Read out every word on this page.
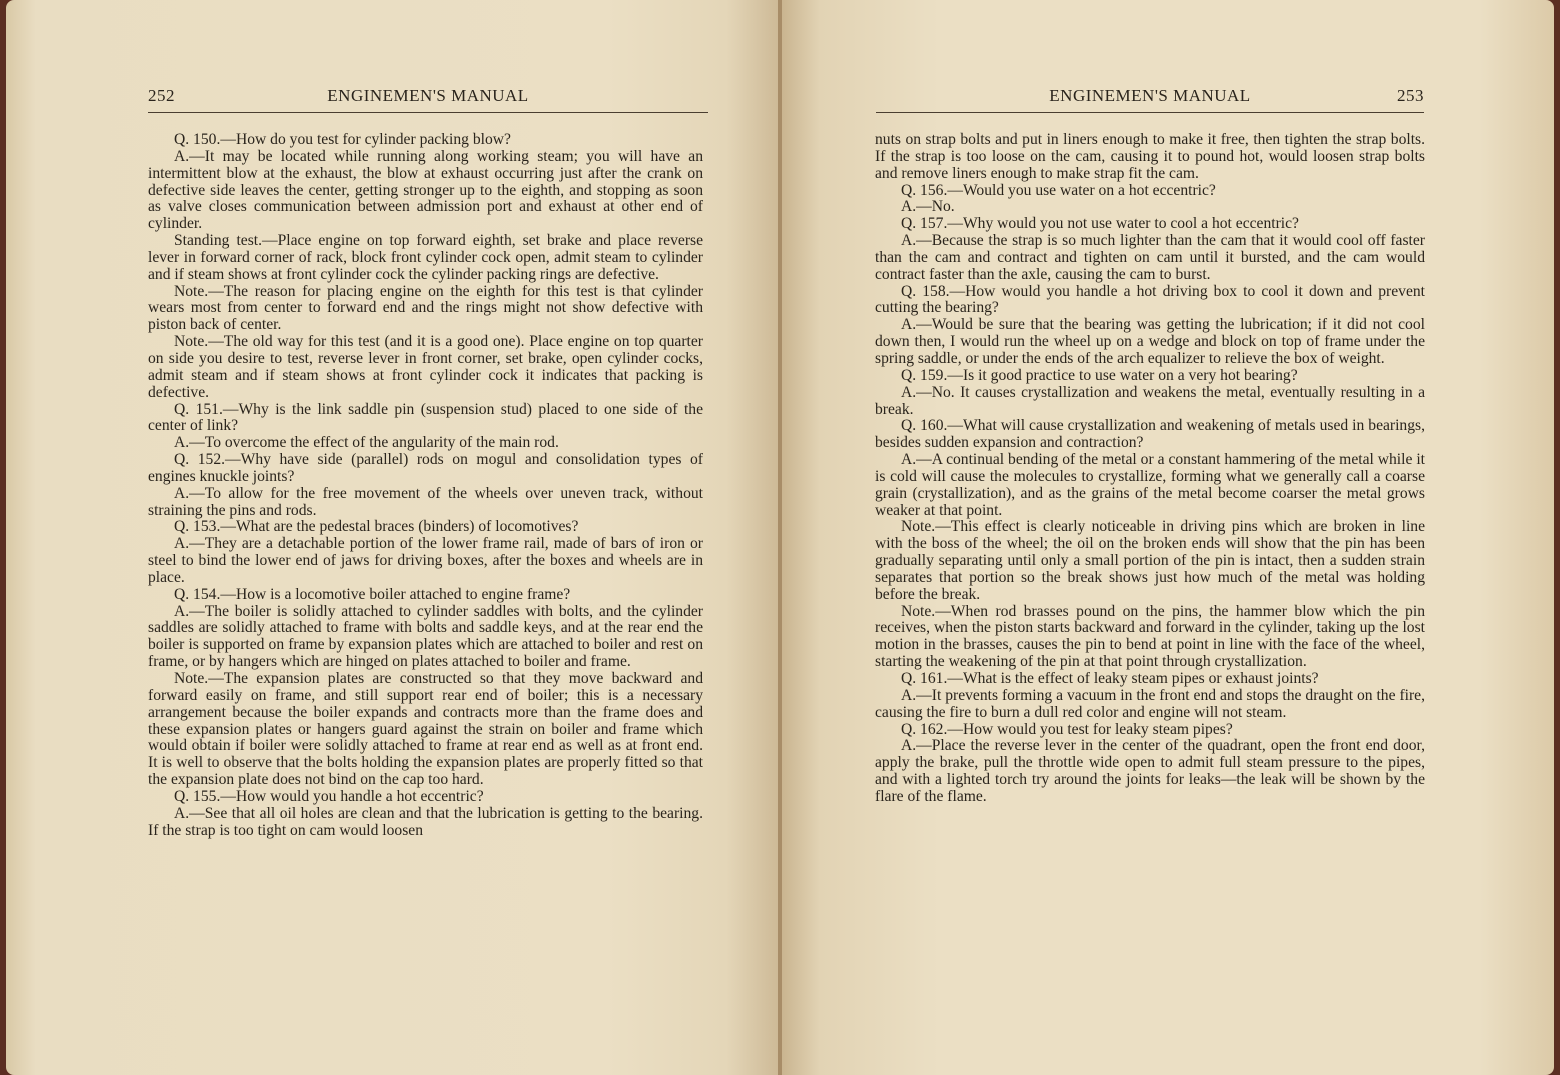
252	ENGINEMEN'S MANUAL

Q. 150.—How do you test for cylinder packing blow?

A.—It may be located while running along working steam; you will have an intermittent blow at the exhaust, the blow at exhaust occurring just after the crank on defective side leaves the center, getting stronger up to the eighth, and stopping as soon as valve closes communication between admission port and exhaust at other end of cylinder.

Standing test.—Place engine on top forward eighth, set brake and place reverse lever in forward corner of rack, block front cylinder cock open, admit steam to cylinder and if steam shows at front cylinder cock the cylinder packing rings are defective.

Note.—The reason for placing engine on the eighth for this test is that cylinder wears most from center to forward end and the rings might not show defective with piston back of center.

Note.—The old way for this test (and it is a good one). Place engine on top quarter on side you desire to test, reverse lever in front corner, set brake, open cylinder cocks, admit steam and if steam shows at front cylinder cock it indicates that packing is defective.

Q. 151.—Why is the link saddle pin (suspension stud) placed to one side of the center of link?

A.—To overcome the effect of the angularity of the main rod.

Q. 152.—Why have side (parallel) rods on mogul and consolidation types of engines knuckle joints?

A.—To allow for the free movement of the wheels over uneven track, without straining the pins and rods.

Q. 153.—What are the pedestal braces (binders) of locomotives?

A.—They are a detachable portion of the lower frame rail, made of bars of iron or steel to bind the lower end of jaws for driving boxes, after the boxes and wheels are in place.

Q. 154.—How is a locomotive boiler attached to engine frame?

A.—The boiler is solidly attached to cylinder saddles with bolts, and the cylinder saddles are solidly attached to frame with bolts and saddle keys, and at the rear end the boiler is supported on frame by expansion plates which are attached to boiler and rest on frame, or by hangers which are hinged on plates attached to boiler and frame.

Note.—The expansion plates are constructed so that they move backward and forward easily on frame, and still support rear end of boiler; this is a necessary arrangement because the boiler expands and contracts more than the frame does and these expansion plates or hangers guard against the strain on boiler and frame which would obtain if boiler were solidly attached to frame at rear end as well as at front end. It is well to observe that the bolts holding the expansion plates are properly fitted so that the expansion plate does not bind on the cap too hard.

Q. 155.—How would you handle a hot eccentric?

A.—See that all oil holes are clean and that the lubrication is getting to the bearing. If the strap is too tight on cam would loosen

ENGINEMEN'S MANUAL	253

nuts on strap bolts and put in liners enough to make it free, then tighten the strap bolts. If the strap is too loose on the cam, causing it to pound hot, would loosen strap bolts and remove liners enough to make strap fit the cam.

Q. 156.—Would you use water on a hot eccentric?

A.—No.

Q. 157.—Why would you not use water to cool a hot eccentric?

A.—Because the strap is so much lighter than the cam that it would cool off faster than the cam and contract and tighten on cam until it bursted, and the cam would contract faster than the axle, causing the cam to burst.

Q. 158.—How would you handle a hot driving box to cool it down and prevent cutting the bearing?

A.—Would be sure that the bearing was getting the lubrication; if it did not cool down then, I would run the wheel up on a wedge and block on top of frame under the spring saddle, or under the ends of the arch equalizer to relieve the box of weight.

Q. 159.—Is it good practice to use water on a very hot bearing?

A.—No. It causes crystallization and weakens the metal, eventually resulting in a break.

Q. 160.—What will cause crystallization and weakening of metals used in bearings, besides sudden expansion and contraction?

A.—A continual bending of the metal or a constant hammering of the metal while it is cold will cause the molecules to crystallize, forming what we generally call a coarse grain (crystallization), and as the grains of the metal become coarser the metal grows weaker at that point.

Note.—This effect is clearly noticeable in driving pins which are broken in line with the boss of the wheel; the oil on the broken ends will show that the pin has been gradually separating until only a small portion of the pin is intact, then a sudden strain separates that portion so the break shows just how much of the metal was holding before the break.

Note.—When rod brasses pound on the pins, the hammer blow which the pin receives, when the piston starts backward and forward in the cylinder, taking up the lost motion in the brasses, causes the pin to bend at point in line with the face of the wheel, starting the weakening of the pin at that point through crystallization.

Q. 161.—What is the effect of leaky steam pipes or exhaust joints?

A.—It prevents forming a vacuum in the front end and stops the draught on the fire, causing the fire to burn a dull red color and engine will not steam.

Q. 162.—How would you test for leaky steam pipes?

A.—Place the reverse lever in the center of the quadrant, open the front end door, apply the brake, pull the throttle wide open to admit full steam pressure to the pipes, and with a lighted torch try around the joints for leaks—the leak will be shown by the flare of the flame.
